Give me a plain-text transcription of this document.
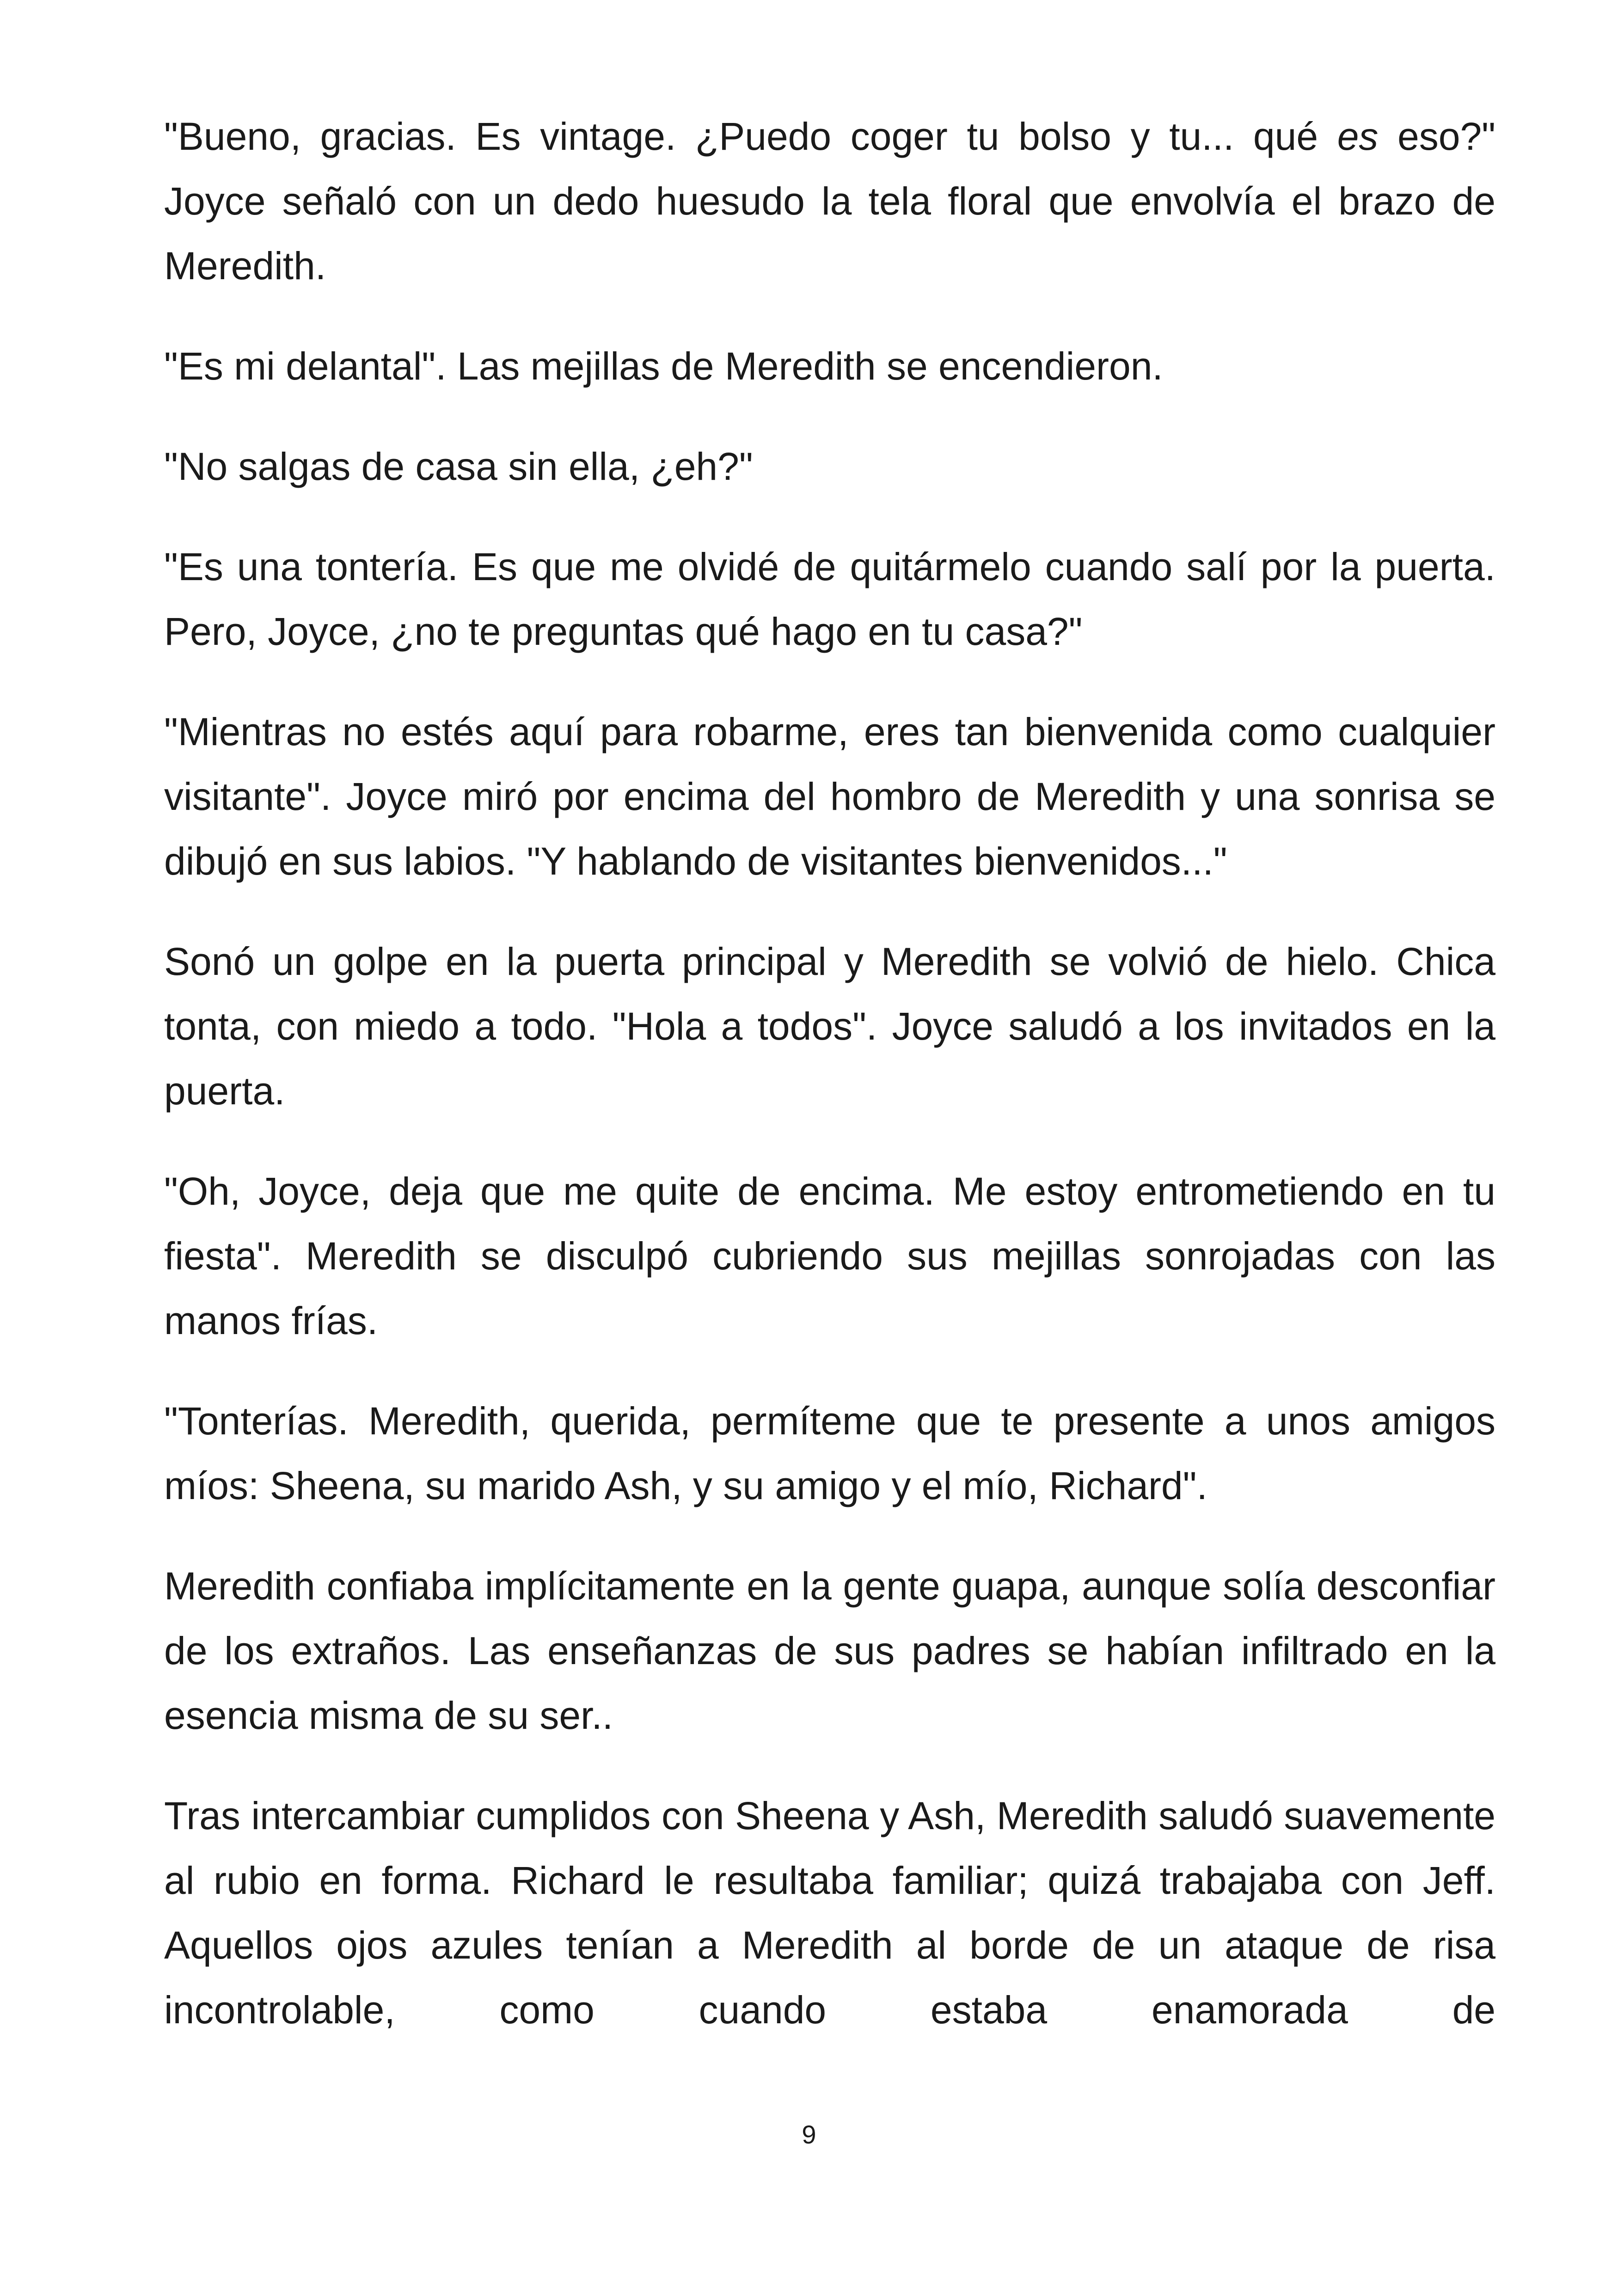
"Bueno, gracias. Es vintage. ¿Puedo coger tu bolso y tu... qué es eso?" Joyce señaló con un dedo huesudo la tela floral que envolvía el brazo de Meredith.

"Es mi delantal". Las mejillas de Meredith se encendieron.

"No salgas de casa sin ella, ¿eh?"

"Es una tontería. Es que me olvidé de quitármelo cuando salí por la puerta. Pero, Joyce, ¿no te preguntas qué hago en tu casa?"

"Mientras no estés aquí para robarme, eres tan bienvenida como cualquier visitante". Joyce miró por encima del hombro de Meredith y una sonrisa se dibujó en sus labios. "Y hablando de visitantes bienvenidos..."

Sonó un golpe en la puerta principal y Meredith se volvió de hielo. Chica tonta, con miedo a todo. "Hola a todos". Joyce saludó a los invitados en la puerta.

"Oh, Joyce, deja que me quite de encima. Me estoy entrometiendo en tu fiesta". Meredith se disculpó cubriendo sus mejillas sonrojadas con las manos frías.

"Tonterías. Meredith, querida, permíteme que te presente a unos amigos míos: Sheena, su marido Ash, y su amigo y el mío, Richard".

Meredith confiaba implícitamente en la gente guapa, aunque solía desconfiar de los extraños. Las enseñanzas de sus padres se habían infiltrado en la esencia misma de su ser..

Tras intercambiar cumplidos con Sheena y Ash, Meredith saludó suavemente al rubio en forma. Richard le resultaba familiar; quizá trabajaba con Jeff. Aquellos ojos azules tenían a Meredith al borde de un ataque de risa incontrolable, como cuando estaba enamorada de

9
